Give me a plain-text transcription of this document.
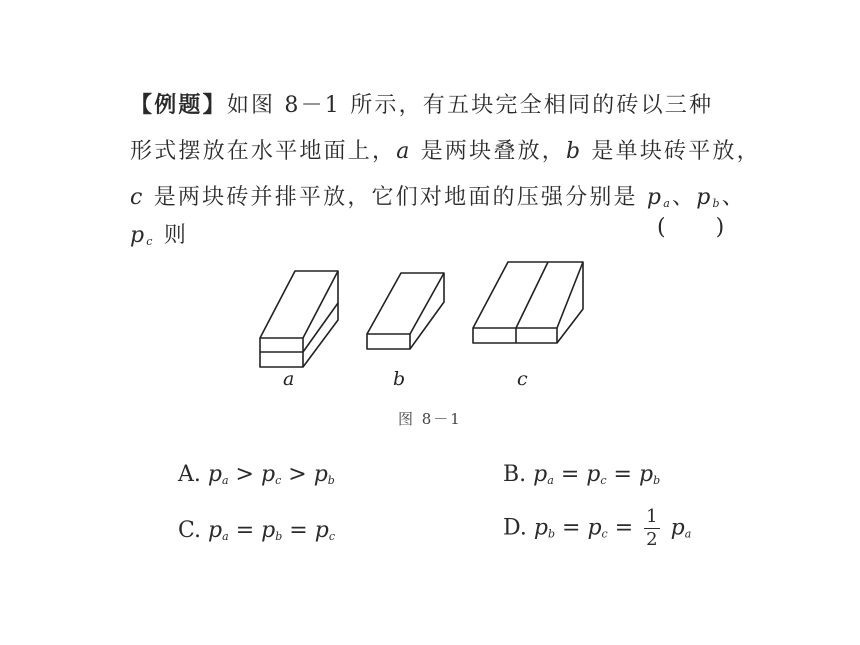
【例题】如图 8－1 所示，有五块完全相同的砖以三种
形式摆放在水平地面上，a 是两块叠放，b 是单块砖平放，
c 是两块砖并排平放，它们对地面的压强分别是 $p_a$、$p_b$、
$p_c$ 则	( )
a	b	c
图 8－1
A. $p_a > p_c > p_b$	B. $p_a = p_c = p_b$
C. $p_a = p_b = p_c$	D. $p_b = p_c = \frac{1}{2} p_a$
